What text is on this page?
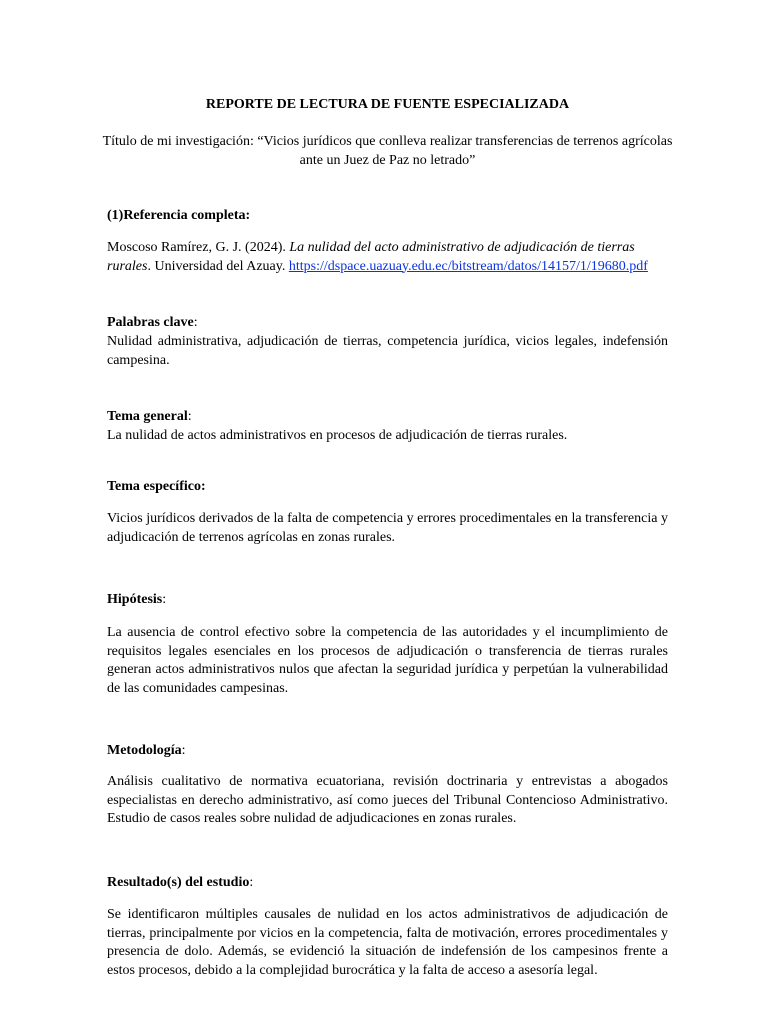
REPORTE DE LECTURA DE FUENTE ESPECIALIZADA

Título de mi investigación: “Vicios jurídicos que conlleva realizar transferencias de terrenos agrícolas
ante un Juez de Paz no letrado”

(1)Referencia completa:

Moscoso Ramírez, G. J. (2024). La nulidad del acto administrativo de adjudicación de tierras rurales. Universidad del Azuay. https://dspace.uazuay.edu.ec/bitstream/datos/14157/1/19680.pdf

Palabras clave:

Nulidad administrativa, adjudicación de tierras, competencia jurídica, vicios legales, indefensión campesina.

Tema general:

La nulidad de actos administrativos en procesos de adjudicación de tierras rurales.

Tema específico:

Vicios jurídicos derivados de la falta de competencia y errores procedimentales en la transferencia y adjudicación de terrenos agrícolas en zonas rurales.

Hipótesis:

La ausencia de control efectivo sobre la competencia de las autoridades y el incumplimiento de requisitos legales esenciales en los procesos de adjudicación o transferencia de tierras rurales generan actos administrativos nulos que afectan la seguridad jurídica y perpetúan la vulnerabilidad de las comunidades campesinas.

Metodología:

Análisis cualitativo de normativa ecuatoriana, revisión doctrinaria y entrevistas a abogados especialistas en derecho administrativo, así como jueces del Tribunal Contencioso Administrativo. Estudio de casos reales sobre nulidad de adjudicaciones en zonas rurales.

Resultado(s) del estudio:

Se identificaron múltiples causales de nulidad en los actos administrativos de adjudicación de tierras, principalmente por vicios en la competencia, falta de motivación, errores procedimentales y presencia de dolo. Además, se evidenció la situación de indefensión de los campesinos frente a estos procesos, debido a la complejidad burocrática y la falta de acceso a asesoría legal.
